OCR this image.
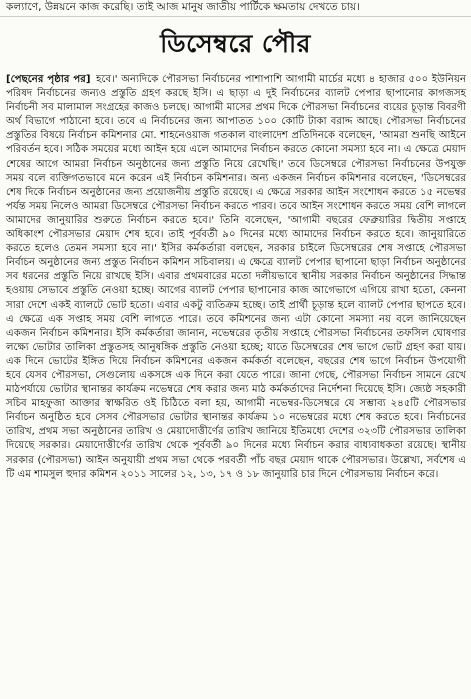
কল্যাণে, উন্নয়নে কাজ করেছি। তাই আজ মানুষ জাতীয় পার্টিকে ক্ষমতায় দেখতে চায়।
ডিসেম্বরে পৌর

[পেছনের পৃষ্ঠার পর] হবে।' অন্যদিকে পৌরসভা নির্বাচনের পাশাপাশি আগামী মার্চের মধ্যে ৪ হাজার ৫০০ ইউনিয়ন পরিষদ নির্বাচনের জন্যও প্রস্তুতি গ্রহণ করছে ইসি। এ ছাড়া এ দুই নির্বাচনের ব্যালট পেপার ছাপানোর কাগজসহ নির্বাচনী সব মালামাল সংগ্রহের কাজও চলছে। আগামী মাসের প্রথম দিকে পৌরসভা নির্বাচনের ব্যয়ের চূড়ান্ত বিবরণী অর্থ বিভাগে পাঠানো হবে। তবে এ নির্বাচনের জন্য আপাতত ১০০ কোটি টাকা বরাদ্দ আছে। পৌরসভা নির্বাচনের প্রস্তুতির বিষয়ে নির্বাচন কমিশনার মো. শাহনেওয়াজ গতকাল বাংলাদেশ প্রতিদিনকে বলেছেন, 'আমরা শুনছি আইনে পরিবর্তন হবে। সঠিক সময়ের মধ্যে আইন হয়ে এলে আমাদের নির্বাচন করতে কোনো সমস্যা হবে না। এ ক্ষেত্রে মেয়াদ শেষের আগে আমরা নির্বাচন অনুষ্ঠানের জন্য প্রস্তুতি নিয়ে রেখেছি।' তবে ডিসেম্বরে পৌরসভা নির্বাচনের উপযুক্ত সময় বলে ব্যক্তিগতভাবে মনে করেন এই নির্বাচন কমিশনার। অন্য একজন নির্বাচন কমিশনার বলেছেন, 'ডিসেম্বরের শেষ দিকে নির্বাচন অনুষ্ঠানের জন্য প্রয়োজনীয় প্রস্তুতি রয়েছে। এ ক্ষেত্রে সরকার আইন সংশোধন করতে ১৫ নভেম্বর পর্যন্ত সময় নিলেও আমরা ডিসেম্বরে পৌরসভা নির্বাচন করতে পারব। তবে আইন সংশোধন করতে সময় বেশি লাগলে আমাদের জানুয়ারির শুরুতে নির্বাচন করতে হবে।' তিনি বলেছেন, 'আগামী বছরের ফেব্রুয়ারির দ্বিতীয় সপ্তাহে অধিকাংশ পৌরসভার মেয়াদ শেষ হবে। তাই পূর্ববর্তী ৯০ দিনের মধ্যে আমাদের নির্বাচন করতে হবে। জানুয়ারিতে করতে হলেও তেমন সমস্যা হবে না।' ইসির কর্মকর্তারা বলছেন, সরকার চাইলে ডিসেম্বরের শেষ সপ্তাহে পৌরসভা নির্বাচন অনুষ্ঠানের জন্য প্রস্তুত নির্বাচন কমিশন সচিবালয়। এ ক্ষেত্রে ব্যালট পেপার ছাপানো ছাড়া নির্বাচন অনুষ্ঠানের সব ধরনের প্রস্তুতি নিয়ে রাখছে ইসি। এবার প্রথমবারের মতো দলীয়ভাবে স্থানীয় সরকার নির্বাচন অনুষ্ঠানের সিদ্ধান্ত হওয়ায় সেভাবে প্রস্তুতি নেওয়া হচ্ছে। আগের ব্যালট পেপার ছাপানোর কাজ আগেভাগে এগিয়ে রাখা হতো, কেননা সারা দেশে একই ব্যালটে ভোট হতো। এবার একটু ব্যতিক্রম হচ্ছে। তাই প্রার্থী চূড়ান্ত হলে ব্যালট পেপার ছাপতে হবে। এ ক্ষেত্রে এক সপ্তাহ সময় বেশি লাগতে পারে। তবে কমিশনের জন্য এটা কোনো সমস্যা নয় বলে জানিয়েছেন একজন নির্বাচন কমিশনার। ইসি কর্মকর্তারা জানান, নভেম্বরের তৃতীয় সপ্তাহে পৌরসভা নির্বাচনের তফসিল ঘোষণার লক্ষ্যে ভোটার তালিকা প্রস্তুতসহ আনুষঙ্গিক প্রস্তুতি নেওয়া হচ্ছে; যাতে ডিসেম্বরের শেষ ভাগে ভোট গ্রহণ করা যায়। এক দিনে ভোটের ইঙ্গিত দিয়ে নির্বাচন কমিশনের একজন কর্মকর্তা বলেছেন, বছরের শেষ ভাগে নির্বাচন উপযোগী হবে যেসব পৌরসভা, সেগুলোয় একসঙ্গে এক দিনে করা যেতে পারে। জানা গেছে, পৌরসভা নির্বাচন সামনে রেখে মাঠপর্যায়ে ভোটার স্থানান্তর কার্যক্রম নভেম্বরে শেষ করার জন্য মাঠ কর্মকর্তাদের নির্দেশনা দিয়েছে ইসি। জ্যেষ্ঠ সহকারী সচিব মাহফুজা আক্তার স্বাক্ষরিত ওই চিঠিতে বলা হয়, আগামী নভেম্বর-ডিসেম্বরে যে সম্ভাব্য ২৪৫টি পৌরসভার নির্বাচন অনুষ্ঠিত হবে সেসব পৌরসভার ভোটার স্থানান্তর কার্যক্রম ১০ নভেম্বরের মধ্যে শেষ করতে হবে। নির্বাচনের তারিখ, প্রথম সভা অনুষ্ঠানের তারিখ ও মেয়াদোত্তীর্ণের তারিখ জানিয়ে ইতিমধ্যে দেশের ৩২৩টি পৌরসভার তালিকা দিয়েছে সরকার। মেয়াদোত্তীর্ণের তারিখ থেকে পূর্ববর্তী ৯০ দিনের মধ্যে নির্বাচন করার বাধ্যবাধকতা রয়েছে। স্থানীয় সরকার (পৌরসভা) আইন অনুযায়ী প্রথম সভা থেকে পরবর্তী পাঁচ বছর মেয়াদ থাকে পৌরসভার। উল্লেখ্য, সর্বশেষ এ টি এম শামসুল হুদার কমিশন ২০১১ সালের ১২, ১৩, ১৭ ও ১৮ জানুয়ারি চার দিনে পৌরসভায় নির্বাচন করে।
